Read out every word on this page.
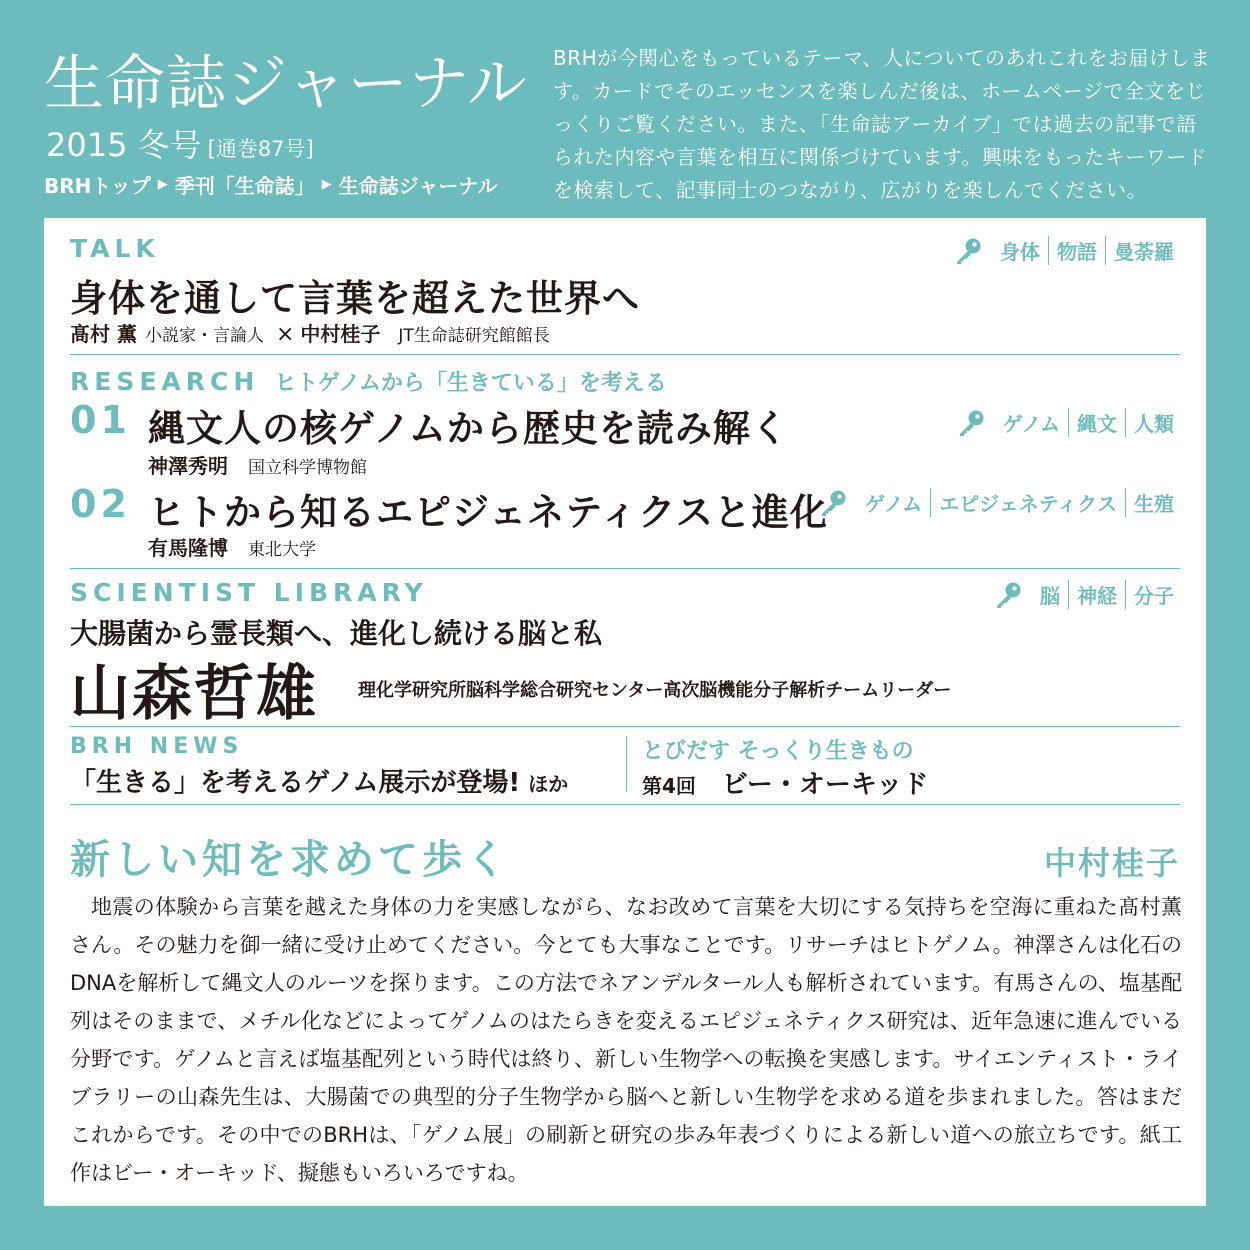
生命誌ジャーナル
2015 冬号 [通巻87号]
BRHトップ ▶ 季刊「生命誌」 ▶ 生命誌ジャーナル
BRHが今関心をもっているテーマ、人についてのあれこれをお届けします。カードでそのエッセンスを楽しんだ後は、ホームページで全文をじっくりご覧ください。また、「生命誌アーカイブ」では過去の記事で語られた内容や言葉を相互に関係づけています。興味をもったキーワードを検索して、記事同士のつながり、広がりを楽しんでください。
TALK	身体 物語 曼荼羅
身体を通して言葉を超えた世界へ
髙村 薫 小説家・言論人 × 中村桂子 JT生命誌研究館館長
RESEARCH ヒトゲノムから「生きている」を考える
01 縄文人の核ゲノムから歴史を読み解く	ゲノム 縄文 人類
神澤秀明 国立科学博物館
02 ヒトから知るエピジェネティクスと進化	ゲノム エピジェネティクス 生殖
有馬隆博 東北大学
SCIENTIST LIBRARY	脳 神経 分子
大腸菌から霊長類へ、進化し続ける脳と私
山森哲雄 理化学研究所脳科学総合研究センター高次脳機能分子解析チームリーダー
BRH NEWS
「生きる」を考えるゲノム展示が登場! ほか
とびだす そっくり生きもの
第4回 ビー・オーキッド
新しい知を求めて歩く	中村桂子
地震の体験から言葉を越えた身体の力を実感しながら、なお改めて言葉を大切にする気持ちを空海に重ねた髙村薫さん。その魅力を御一緒に受け止めてください。今とても大事なことです。リサーチはヒトゲノム。神澤さんは化石のDNAを解析して縄文人のルーツを探ります。この方法でネアンデルタール人も解析されています。有馬さんの、塩基配列はそのままで、メチル化などによってゲノムのはたらきを変えるエピジェネティクス研究は、近年急速に進んでいる分野です。ゲノムと言えば塩基配列という時代は終り、新しい生物学への転換を実感します。サイエンティスト・ライブラリーの山森先生は、大腸菌での典型的分子生物学から脳へと新しい生物学を求める道を歩まれました。答はまだこれからです。その中でのBRHは、「ゲノム展」の刷新と研究の歩み年表づくりによる新しい道への旅立ちです。紙工作はビー・オーキッド、擬態もいろいろですね。
